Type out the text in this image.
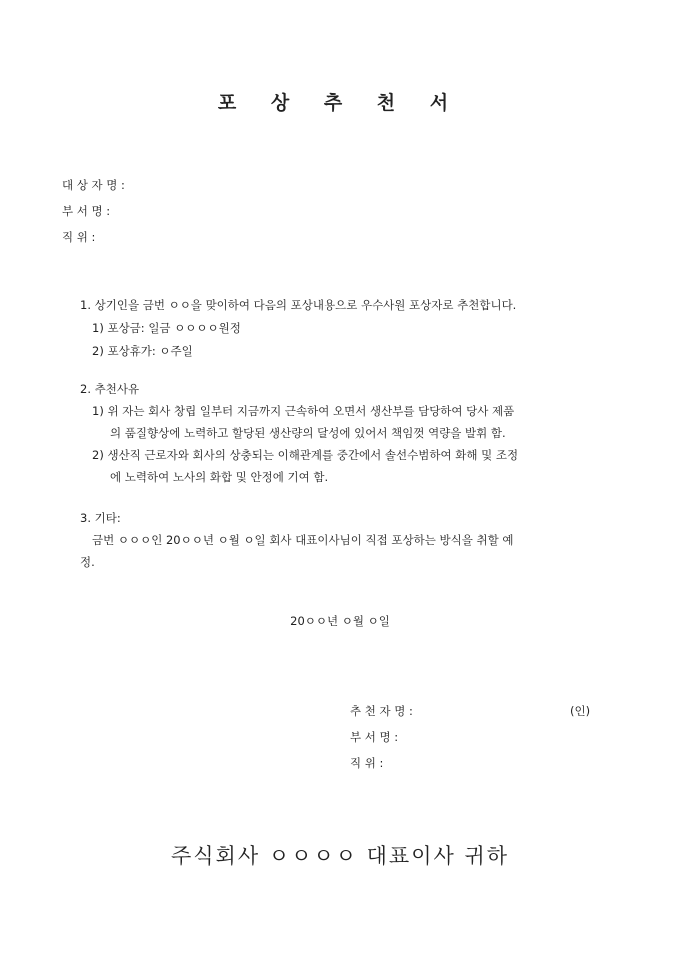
포 상 추 천 서
대 상 자 명 :
부 서 명 :
직 위 :
1. 상기인을 금번 ㅇㅇ을 맞이하여 다음의 포상내용으로 우수사원 포상자로 추천합니다.
1) 포상금: 일금 ㅇㅇㅇㅇ원정
2) 포상휴가: ㅇ주일
2. 추천사유
1) 위 자는 회사 창립 일부터 지금까지 근속하여 오면서 생산부를 담당하여 당사 제품
의 품질향상에 노력하고 할당된 생산량의 달성에 있어서 책임껏 역량을 발휘 함.
2) 생산직 근로자와 회사의 상충되는 이해관계를 중간에서 솔선수범하여 화해 및 조정
에 노력하여 노사의 화합 및 안정에 기여 함.
3. 기타:
금번 ㅇㅇㅇ인 20ㅇㅇ년 ㅇ월 ㅇ일 회사 대표이사님이 직접 포상하는 방식을 취할 예
정.
20ㅇㅇ년 ㅇ월 ㅇ일
추 천 자 명 :	(인)
부 서 명 :
직 위 :
주식회사 ㅇㅇㅇㅇ 대표이사 귀하
